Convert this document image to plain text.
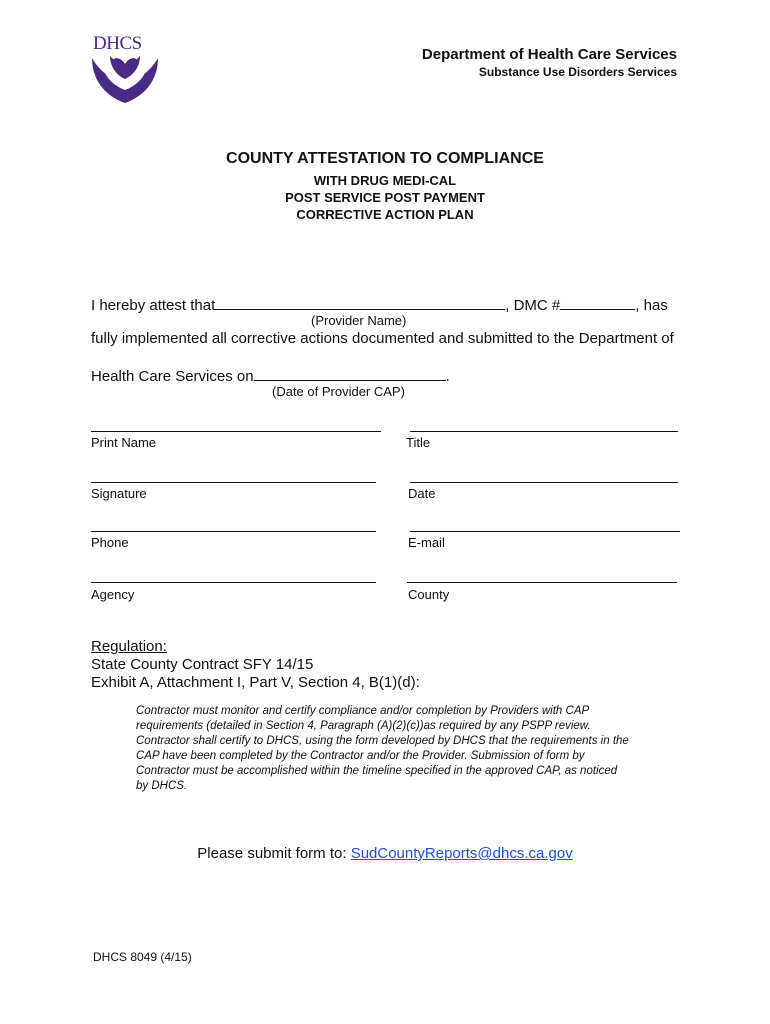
DHCS
Department of Health Care Services
Substance Use Disorders Services
COUNTY ATTESTATION TO COMPLIANCE
WITH DRUG MEDI-CAL
POST SERVICE POST PAYMENT
CORRECTIVE ACTION PLAN
I hereby attest that	, DMC #	, has
(Provider Name)
fully implemented all corrective actions documented and submitted to the Department of
Health Care Services on	.
(Date of Provider CAP)
Print Name	Title
Signature	Date
Phone	E-mail
Agency	County
Regulation:
State County Contract SFY 14/15
Exhibit A, Attachment I, Part V, Section 4, B(1)(d):
Contractor must monitor and certify compliance and/or completion by Providers with CAP
requirements (detailed in Section 4, Paragraph (A)(2)(c))as required by any PSPP review.
Contractor shall certify to DHCS, using the form developed by DHCS that the requirements in the
CAP have been completed by the Contractor and/or the Provider. Submission of form by
Contractor must be accomplished within the timeline specified in the approved CAP, as noticed
by DHCS.
Please submit form to: SudCountyReports@dhcs.ca.gov
DHCS 8049 (4/15)
